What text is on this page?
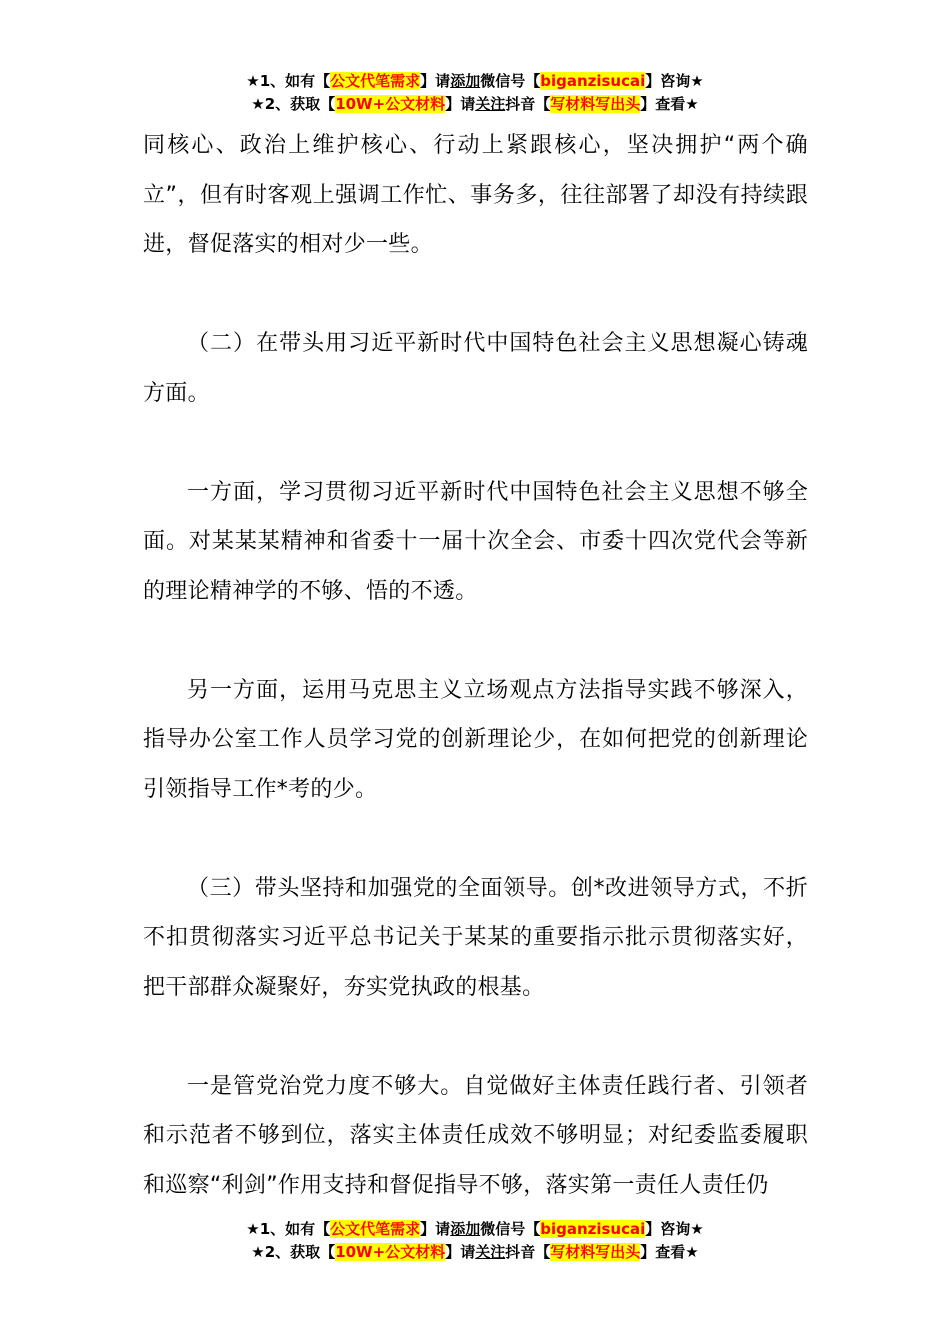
★1、如有【公文代笔需求】请添加微信号【biganzisucai】咨询★
★2、获取【10W+公文材料】请关注抖音【写材料写出头】查看★

同核心、政治上维护核心、行动上紧跟核心，坚决拥护“两个确立”，但有时客观上强调工作忙、事务多，往往部署了却没有持续跟进，督促落实的相对少一些。

（二）在带头用习近平新时代中国特色社会主义思想凝心铸魂方面。

一方面，学习贯彻习近平新时代中国特色社会主义思想不够全面。对某某某精神和省委十一届十次全会、市委十四次党代会等新的理论精神学的不够、悟的不透。

另一方面，运用马克思主义立场观点方法指导实践不够深入，指导办公室工作人员学习党的创新理论少，在如何把党的创新理论引领指导工作*考的少。

（三）带头坚持和加强党的全面领导。创*改进领导方式，不折不扣贯彻落实习近平总书记关于某某的重要指示批示贯彻落实好，把干部群众凝聚好，夯实党执政的根基。

一是管党治党力度不够大。自觉做好主体责任践行者、引领者和示范者不够到位，落实主体责任成效不够明显；对纪委监委履职和巡察“利剑”作用支持和督促指导不够，落实第一责任人责任仍

★1、如有【公文代笔需求】请添加微信号【biganzisucai】咨询★
★2、获取【10W+公文材料】请关注抖音【写材料写出头】查看★
